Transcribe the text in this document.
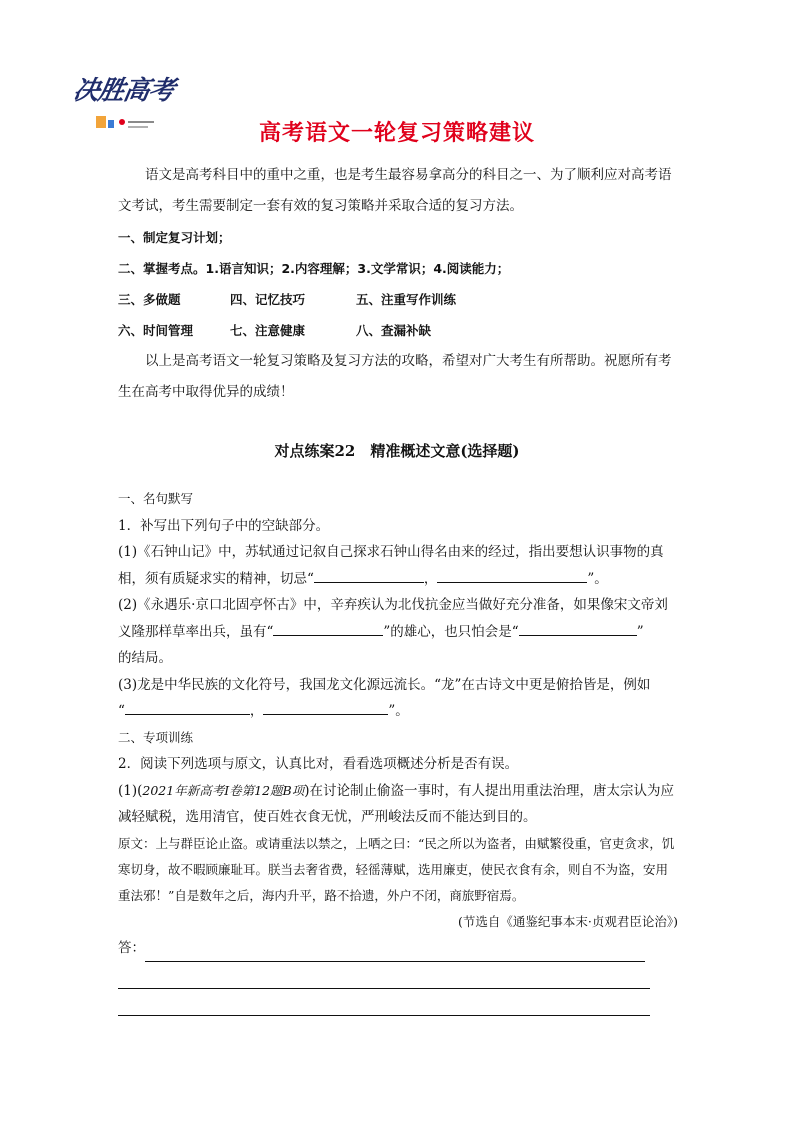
决胜高考
高考语文一轮复习策略建议

语文是高考科目中的重中之重，也是考生最容易拿高分的科目之一、为了顺利应对高考语文考试，考生需要制定一套有效的复习策略并采取合适的复习方法。

一、制定复习计划；

二、掌握考点。1.语言知识；2.内容理解；3.文学常识；4.阅读能力；

三、多做题	四、记忆技巧	五、注重写作训练

六、时间管理	七、注意健康	八、查漏补缺

以上是高考语文一轮复习策略及复习方法的攻略，希望对广大考生有所帮助。祝愿所有考生在高考中取得优异的成绩！

对点练案22　精准概述文意(选择题)

一、名句默写

1．补写出下列句子中的空缺部分。

(1)《石钟山记》中，苏轼通过记叙自己探求石钟山得名由来的经过，指出要想认识事物的真相，须有质疑求实的精神，切忌“	，	”。

(2)《永遇乐·京口北固亭怀古》中，辛弃疾认为北伐抗金应当做好充分准备，如果像宋文帝刘义隆那样草率出兵，虽有“	”的雄心，也只怕会是“	”
的结局。

(3)龙是中华民族的文化符号，我国龙文化源远流长。“龙”在古诗文中更是俯拾皆是，例如
“	，	”。

二、专项训练

2．阅读下列选项与原文，认真比对，看看选项概述分析是否有误。

(1)(2021年新高考Ⅰ卷第12题B项)在讨论制止偷盗一事时，有人提出用重法治理，唐太宗认为应减轻赋税，选用清官，使百姓衣食无忧，严刑峻法反而不能达到目的。

原文：上与群臣论止盗。或请重法以禁之，上哂之曰：“民之所以为盗者，由赋繁役重，官吏贪求，饥寒切身，故不暇顾廉耻耳。朕当去奢省费，轻徭薄赋，选用廉吏，使民衣食有余，则自不为盗，安用重法邪！”自是数年之后，海内升平，路不拾遗，外户不闭，商旅野宿焉。

(节选自《通鉴纪事本末·贞观君臣论治》)

答：
